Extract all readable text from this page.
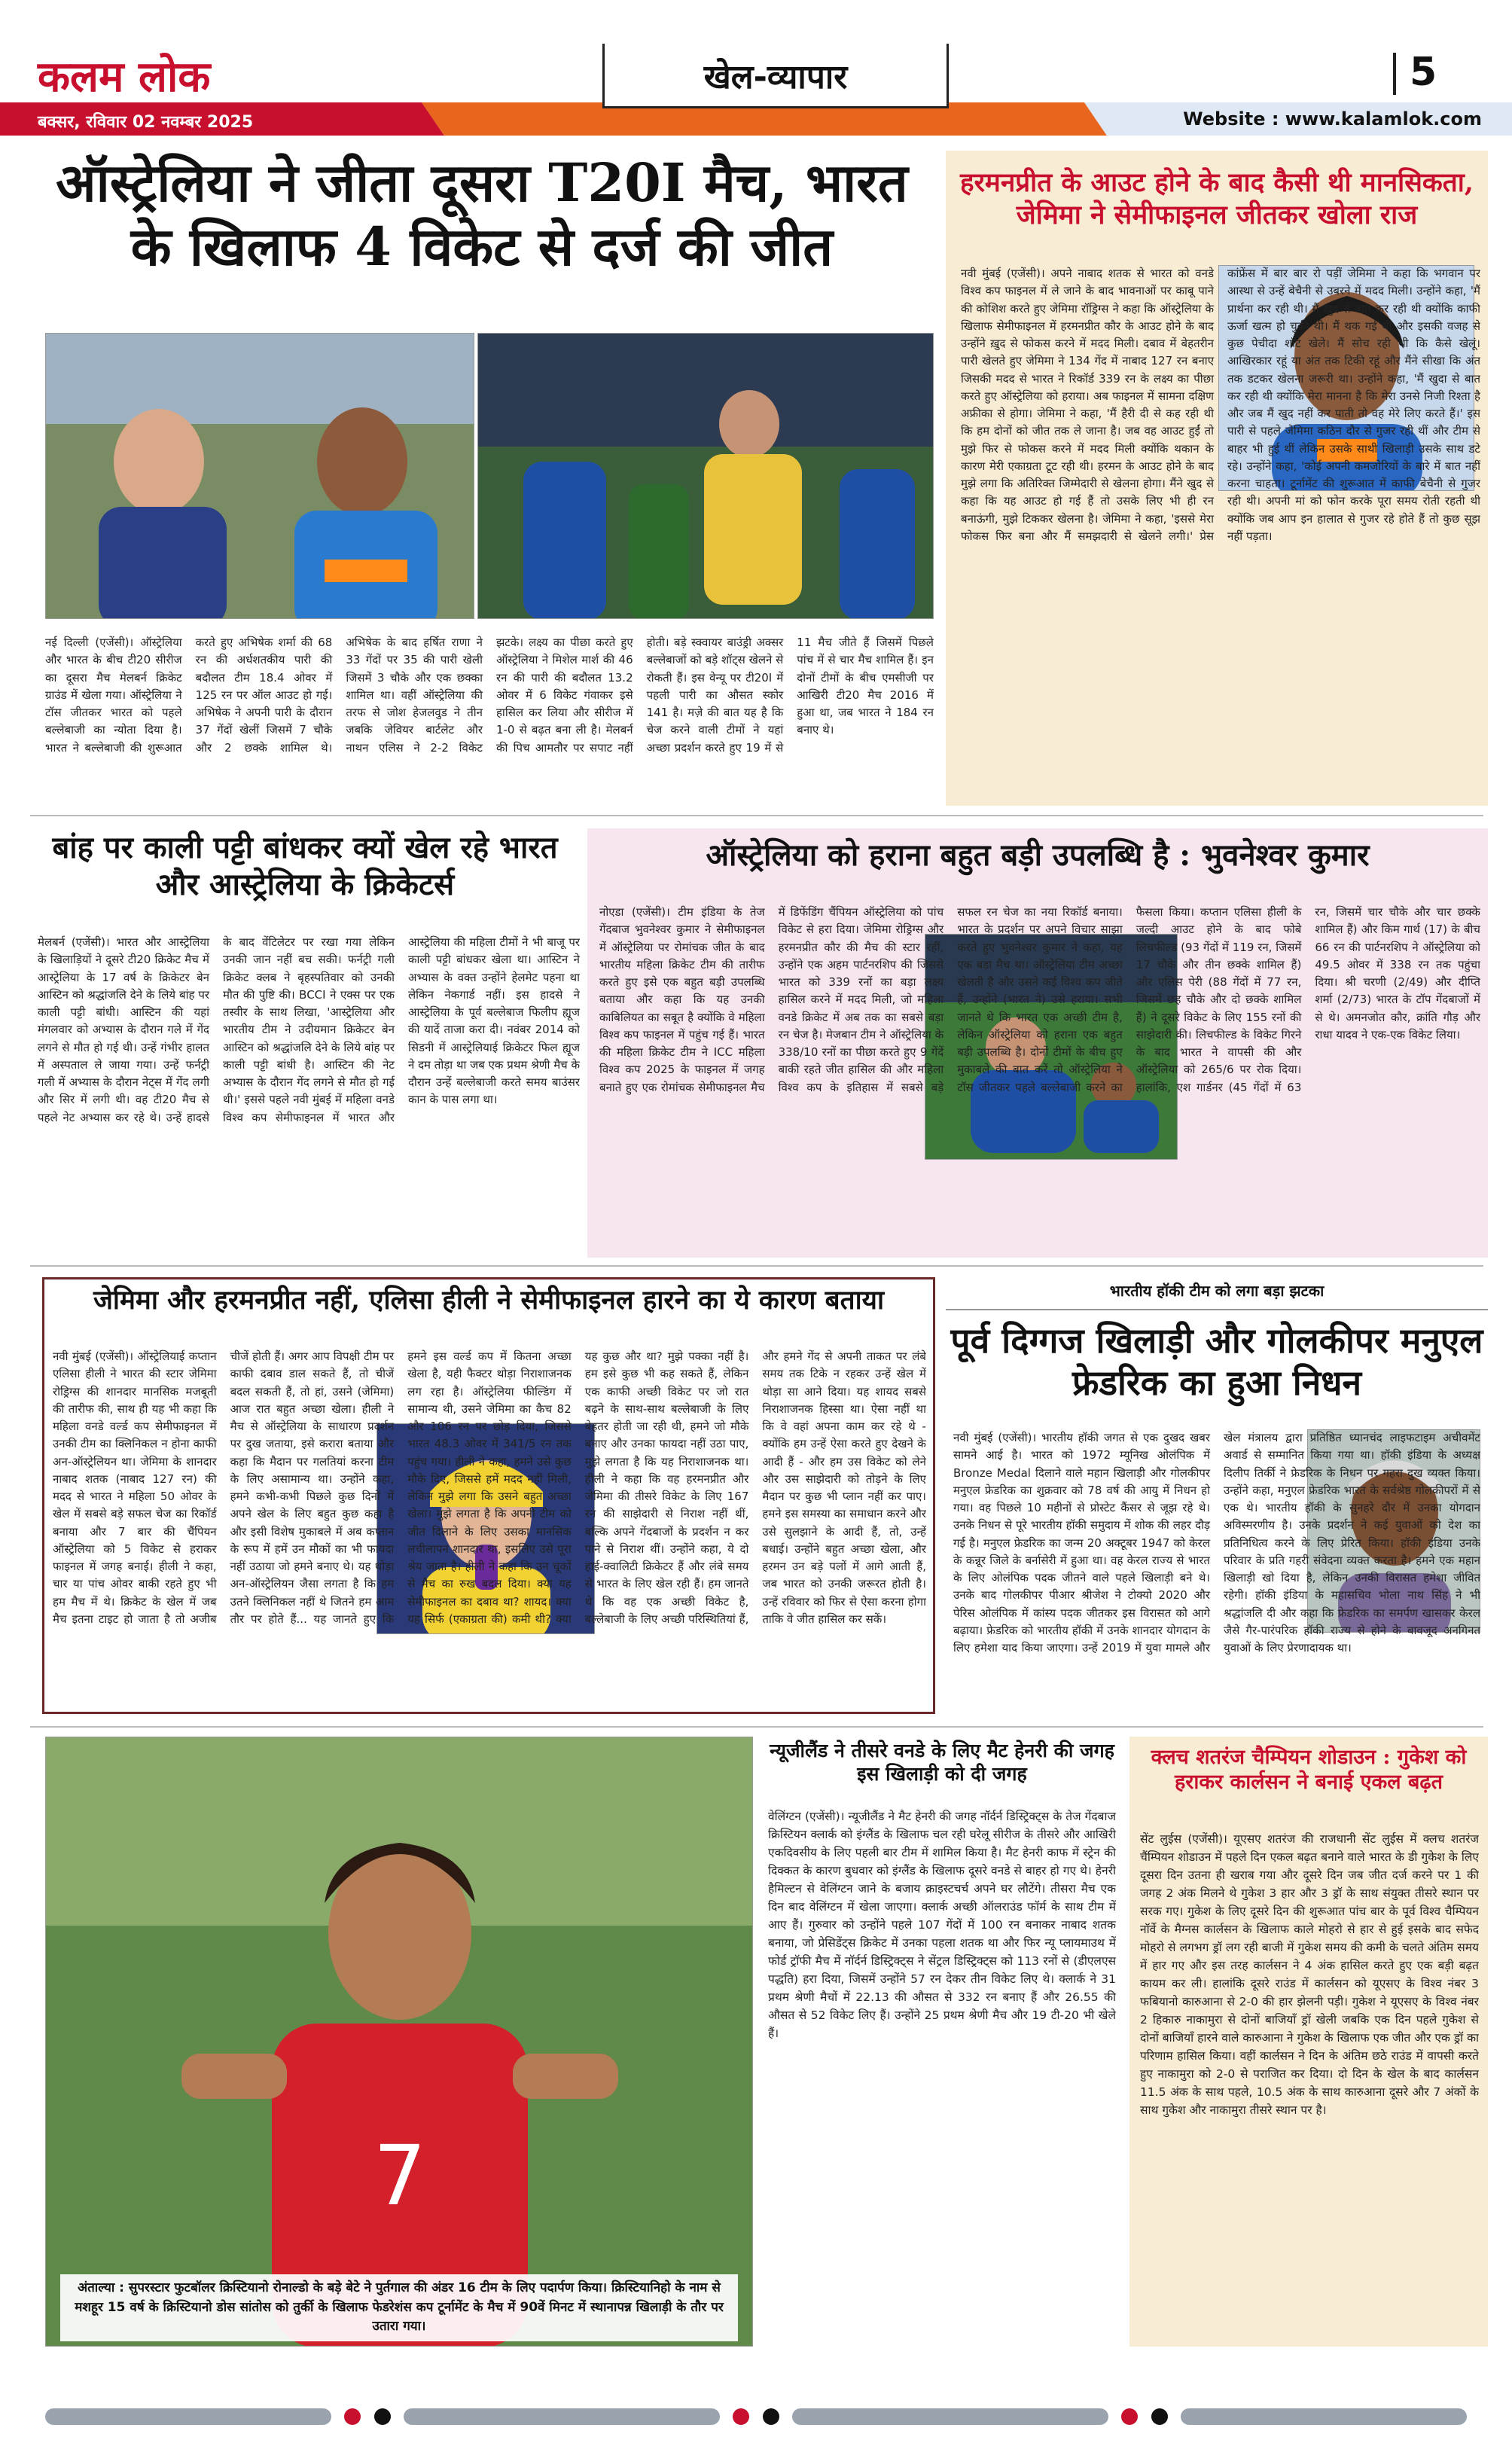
कलम लोक
बक्सर, रविवार 02 नवम्बर 2025
खेल-व्यापार	5
Website : www.kalamlok.com
ऑस्ट्रेलिया ने जीता दूसरा T20I मैच, भारत के खिलाफ 4 विकेट से दर्ज की जीत
नई दिल्ली (एजेंसी)। ऑस्ट्रेलिया और भारत के बीच टी20 सीरीज का दूसरा मैच मेलबर्न क्रिकेट ग्राउंड में खेला गया। ऑस्ट्रेलिया ने टॉस जीतकर भारत को पहले बल्लेबाजी का न्योता दिया है। भारत ने बल्लेबाजी की शुरूआत करते हुए अभिषेक शर्मा की 68 रन की अर्धशतकीय पारी की बदौलत टीम 18.4 ओवर में 125 रन पर ऑल आउट हो गई। अभिषेक ने अपनी पारी के दौरान 37 गेंदों खेलीं जिसमें 7 चौके और 2 छक्के शामिल थे। अभिषेक के बाद हर्षित राणा ने 33 गेंदों पर 35 की पारी खेली जिसमें 3 चौके और एक छक्का शामिल था। वहीं ऑस्ट्रेलिया की तरफ से जोश हेजलवुड ने तीन जबकि जेवियर बार्टलेट और नाथन एलिस ने 2-2 विकेट झटके। लक्ष्य का पीछा करते हुए ऑस्ट्रेलिया ने मिशेल मार्श की 46 रन की पारी की बदौलत 13.2 ओवर में 6 विकेट गंवाकर इसे हासिल कर लिया और सीरीज में 1-0 से बढ़त बना ली है। मेलबर्न की पिच आमतौर पर सपाट नहीं होती। बड़े स्क्वायर बाउंड्री अक्सर बल्लेबाजों को बड़े शॉट्स खेलने से रोकती हैं। इस वेन्यू पर टी20I में पहली पारी का औसत स्कोर 141 है। मज़े की बात यह है कि चेज करने वाली टीमों ने यहां अच्छा प्रदर्शन करते हुए 19 में से 11 मैच जीते हैं जिसमें पिछले पांच में से चार मैच शामिल हैं। इन दोनों टीमों के बीच एमसीजी पर आखिरी टी20 मैच 2016 में हुआ था, जब भारत ने 184 रन बनाए थे।
हरमनप्रीत के आउट होने के बाद कैसी थी मानसिकता, जेमिमा ने सेमीफाइनल जीतकर खोला राज
नवी मुंबई (एजेंसी)। अपने नाबाद शतक से भारत को वनडे विश्व कप फाइनल में ले जाने के बाद भावनाओं पर काबू पाने की कोशिश करते हुए जेमिमा रॉड्रिग्स ने कहा कि ऑस्ट्रेलिया के खिलाफ सेमीफाइनल में हरमनप्रीत कौर के आउट होने के बाद उन्होंने ख़ुद से फोकस करने में मदद मिली। दबाव में बेहतरीन पारी खेलते हुए जेमिमा ने 134 गेंद में नाबाद 127 रन बनाए जिसकी मदद से भारत ने रिकॉर्ड 339 रन के लक्ष्य का पीछा करते हुए ऑस्ट्रेलिया को हराया। अब फाइनल में सामना दक्षिण अफ्रीका से होगा। जेमिमा ने कहा, 'मैं हैरी दी से कह रही थी कि हम दोनों को जीत तक ले जाना है। जब वह आउट हुईं तो मुझे फिर से फोकस करने में मदद मिली क्योंकि थकान के कारण मेरी एकाग्रता टूट रही थी। हरमन के आउट होने के बाद मुझे लगा कि अतिरिक्त जिम्मेदारी से खेलना होगा। मैंने खुद से कहा कि यह आउट हो गई हैं तो उसके लिए भी ही रन बनाऊंगी, मुझे टिककर खेलना है। जेमिमा ने कहा, 'इससे मेरा फोकस फिर बना और मैं समझदारी से खेलने लगी।' प्रेस कांफ्रेंस में बार बार रो पड़ीं जेमिमा ने कहा कि भगवान पर आस्था से उन्हें बेचैनी से उबरने में मदद मिली। उन्होंने कहा, 'मैं प्रार्थना कर रही थी। मैं खुद से बात कर रही थी क्योंकि काफी ऊर्जा खत्म हो चुकी थी। मैं थक गई थी और इसकी वजह से कुछ पेचीदा शॉट खेले। मैं सोच रही थी कि कैसे खेलूं। आखिरकार रहूं या अंत तक टिकी रहूं और मैंने सीखा कि अंत तक डटकर खेलना जरूरी था। उन्होंने कहा, 'मैं खुदा से बात कर रही थी क्योंकि मेरा मानना है कि मेरा उनसे निजी रिश्ता है और जब मैं खुद नहीं कर पाती तो वह मेरे लिए करते हैं।' इस पारी से पहले जेमिमा कठिन दौर से गुजर रही थीं और टीम से बाहर भी हुई थीं लेकिन उसके साथी खिलाड़ी उसके साथ डटे रहे। उन्होंने कहा, 'कोई अपनी कमजोरियों के बारे में बात नहीं करना चाहता। टूर्नामेंट की शुरूआत में काफी बेचैनी से गुजर रही थी। अपनी मां को फोन करके पूरा समय रोती रहती थी क्योंकि जब आप इन हालात से गुजर रहे होते हैं तो कुछ सूझ नहीं पड़ता।
बांह पर काली पट्टी बांधकर क्यों खेल रहे भारत और आस्ट्रेलिया के क्रिकेटर्स
मेलबर्न (एजेंसी)। भारत और आस्ट्रेलिया के खिलाड़ियों ने दूसरे टी20 क्रिकेट मैच में आस्ट्रेलिया के 17 वर्ष के क्रिकेटर बेन आस्टिन को श्रद्धांजलि देने के लिये बांह पर काली पट्टी बांधी। आस्टिन की यहां मंगलवार को अभ्यास के दौरान गले में गेंद लगने से मौत हो गई थी। उन्हें गंभीर हालत में अस्पताल ले जाया गया। उन्हें फर्नट्री गली में अभ्यास के दौरान नेट्स में गेंद लगी और सिर में लगी थी। वह टी20 मैच से पहले नेट अभ्यास कर रहे थे। उन्हें हादसे के बाद वेंटिलेटर पर रखा गया लेकिन उनकी जान नहीं बच सकी। फर्नट्री गली क्रिकेट क्लब ने बृहस्पतिवार को उनकी मौत की पुष्टि की। BCCI ने एक्स पर एक तस्वीर के साथ लिखा, 'आस्ट्रेलिया और भारतीय टीम ने उदीयमान क्रिकेटर बेन आस्टिन को श्रद्धांजलि देने के लिये बांह पर काली पट्टी बांधी है। आस्टिन की नेट अभ्यास के दौरान गेंद लगने से मौत हो गई थी।' इससे पहले नवी मुंबई में महिला वनडे विश्व कप सेमीफाइनल में भारत और आस्ट्रेलिया की महिला टीमों ने भी बाजू पर काली पट्टी बांधकर खेला था। आस्टिन ने अभ्यास के वक्त उन्होंने हेलमेट पहना था लेकिन नेकगार्ड नहीं। इस हादसे ने आस्ट्रेलिया के पूर्व बल्लेबाज फिलीप ह्यूज की यादें ताजा करा दी। नवंबर 2014 को सिडनी में आस्ट्रेलियाई क्रिकेटर फिल ह्यूज ने दम तोड़ा था जब एक प्रथम श्रेणी मैच के दौरान उन्हें बल्लेबाजी करते समय बाउंसर कान के पास लगा था।
ऑस्ट्रेलिया को हराना बहुत बड़ी उपलब्धि है : भुवनेश्वर कुमार
नोएडा (एजेंसी)। टीम इंडिया के तेज गेंदबाज भुवनेश्वर कुमार ने सेमीफाइनल में ऑस्ट्रेलिया पर रोमांचक जीत के बाद भारतीय महिला क्रिकेट टीम की तारीफ करते हुए इसे एक बहुत बड़ी उपलब्धि बताया और कहा कि यह उनकी काबिलियत का सबूत है क्योंकि वे महिला विश्व कप फाइनल में पहुंच गई हैं। भारत की महिला क्रिकेट टीम ने ICC महिला विश्व कप 2025 के फाइनल में जगह बनाते हुए एक रोमांचक सेमीफाइनल मैच में डिफेंडिंग चैंपियन ऑस्ट्रेलिया को पांच विकेट से हरा दिया। जेमिमा रोड्रिग्स और हरमनप्रीत कौर की मैच की स्टार रहीं, उन्होंने एक अहम पार्टनरशिप की जिससे भारत को 339 रनों का बड़ा लक्ष्य हासिल करने में मदद मिली, जो महिला वनडे क्रिकेट में अब तक का सबसे बड़ा रन चेज है। मेजबान टीम ने ऑस्ट्रेलिया के 338/10 रनों का पीछा करते हुए 9 गेंदें बाकी रहते जीत हासिल की और महिला विश्व कप के इतिहास में सबसे बड़े सफल रन चेज का नया रिकॉर्ड बनाया। भारत के प्रदर्शन पर अपने विचार साझा करते हुए भुवनेश्वर कुमार ने कहा, यह एक बड़ा मैच था। ऑस्ट्रेलिया टीम अच्छा खेलती है और उसने कई विश्व कप जीते हैं, उन्होंने (भारत ने) उसे हराया। सभी जानते थे कि भारत एक अच्छी टीम है, लेकिन ऑस्ट्रेलिया को हराना एक बहुत बड़ी उपलब्धि है। दोनों टीमों के बीच हुए मुकाबले की बात करें तो ऑस्ट्रेलिया ने टॉस जीतकर पहले बल्लेबाजी करने का फैसला किया। कप्तान एलिसा हीली के जल्दी आउट होने के बाद फोबे लिचफील्ड (93 गेंदों में 119 रन, जिसमें 17 चौके और तीन छक्के शामिल हैं) और एलिस पेरी (88 गेंदों में 77 रन, जिसमें छह चौके और दो छक्के शामिल हैं) ने दूसरे विकेट के लिए 155 रनों की साझेदारी की। लिचफील्ड के विकेट गिरने के बाद भारत ने वापसी की और ऑस्ट्रेलिया को 265/6 पर रोक दिया। हालांकि, एश गार्डनर (45 गेंदों में 63 रन, जिसमें चार चौके और चार छक्के शामिल हैं) और किम गार्थ (17) के बीच 66 रन की पार्टनरशिप ने ऑस्ट्रेलिया को 49.5 ओवर में 338 रन तक पहुंचा दिया। श्री चरणी (2/49) और दीप्ति शर्मा (2/73) भारत के टॉप गेंदबाजों में से थे। अमनजोत कौर, क्रांति गौड़ और राधा यादव ने एक-एक विकेट लिया।
जेमिमा और हरमनप्रीत नहीं, एलिसा हीली ने सेमीफाइनल हारने का ये कारण बताया
नवी मुंबई (एजेंसी)। ऑस्ट्रेलियाई कप्तान एलिसा हीली ने भारत की स्टार जेमिमा रोड्रिग्स की शानदार मानसिक मजबूती की तारीफ की, साथ ही यह भी कहा कि महिला वनडे वर्ल्ड कप सेमीफाइनल में उनकी टीम का क्लिनिकल न होना काफी अन-ऑस्ट्रेलियन था। जेमिमा के शानदार नाबाद शतक (नाबाद 127 रन) की मदद से भारत ने महिला 50 ओवर के खेल में सबसे बड़े सफल चेज का रिकॉर्ड बनाया और 7 बार की चैंपियन ऑस्ट्रेलिया को 5 विकेट से हराकर फाइनल में जगह बनाई। हीली ने कहा, चार या पांच ओवर बाकी रहते हुए भी हम मैच में थे। क्रिकेट के खेल में जब मैच इतना टाइट हो जाता है तो अजीब चीजें होती हैं। अगर आप विपक्षी टीम पर काफी दबाव डाल सकते हैं, तो चीजें बदल सकती हैं, तो हां, उसने (जेमिमा) आज रात बहुत अच्छा खेला। हीली ने मैच से ऑस्ट्रेलिया के साधारण प्रदर्शन पर दुख जताया, इसे करारा बताया और कहा कि मैदान पर गलतियां करना टीम के लिए असामान्य था। उन्होंने कहा, हमने कभी-कभी पिछले कुछ दिनों में अपने खेल के लिए बहुत कुछ कहा है और इसी विशेष मुकाबले में अब कप्तान के रूप में हमें उन मौकों का भी फायदा नहीं उठाया जो हमने बनाए थे। यह थोड़ा अन-ऑस्ट्रेलियन जैसा लगता है कि हम उतने क्लिनिकल नहीं थे जितने हम आम तौर पर होते हैं... यह जानते हुए कि हमने इस वर्ल्ड कप में कितना अच्छा खेला है, यही फैक्टर थोड़ा निराशाजनक लग रहा है। ऑस्ट्रेलिया फील्डिंग में सामान्य थी, उसने जेमिमा का कैच 82 और 106 रन पर छोड़ दिया, जिससे भारत 48.3 ओवर में 341/5 रन तक पहुंच गया। हीली ने कहा, हमने उसे कुछ मौके दिए, जिससे हमें मदद नहीं मिली, लेकिन मुझे लगा कि उसने बहुत अच्छा खेला। मुझे लगता है कि अपनी टीम को जीत दिलाने के लिए उसका मानसिक लचीलापन शानदार था, इसलिए उसे पूरा श्रेय जाता है। हीली ने कहा कि उन चूकों से मैच का रुख बदल दिया। क्या यह सेमीफाइनल का दबाव था? शायद। क्या यह सिर्फ (एकाग्रता की) कमी थी? क्या यह कुछ और था? मुझे पक्का नहीं है। हम इसे कुछ भी कह सकते हैं, लेकिन एक काफी अच्छी विकेट पर जो रात बढ़ने के साथ-साथ बल्लेबाजी के लिए बेहतर होती जा रही थी, हमने जो मौके बनाए और उनका फायदा नहीं उठा पाए, मुझे लगता है कि यह निराशाजनक था। हीली ने कहा कि वह हरमनप्रीत और जेमिमा की तीसरे विकेट के लिए 167 रन की साझेदारी से निराश नहीं थीं, बल्कि अपने गेंदबाजों के प्रदर्शन न कर पाने से निराश थीं। उन्होंने कहा, ये दो हाई-क्वालिटी क्रिकेटर हैं और लंबे समय से भारत के लिए खेल रही हैं। हम जानते थे कि वह एक अच्छी विकेट है, बल्लेबाजी के लिए अच्छी परिस्थितियां हैं, और हमने गेंद से अपनी ताकत पर लंबे समय तक टिके न रहकर उन्हें खेल में थोड़ा सा आने दिया। यह शायद सबसे निराशाजनक हिस्सा था। ऐसा नहीं था कि वे वहां अपना काम कर रहे थे - क्योंकि हम उन्हें ऐसा करते हुए देखने के आदी हैं - और हम उस विकेट को लेने और उस साझेदारी को तोड़ने के लिए मैदान पर कुछ भी प्लान नहीं कर पाए। हमने इस समस्या का समाधान करने और उसे सुलझाने के आदी हैं, तो, उन्हें बधाई। उन्होंने बहुत अच्छा खेला, और हरमन उन बड़े पलों में आगे आती हैं, जब भारत को उनकी जरूरत होती है। उन्हें रविवार को फिर से ऐसा करना होगा ताकि वे जीत हासिल कर सकें।
भारतीय हॉकी टीम को लगा बड़ा झटका
पूर्व दिग्गज खिलाड़ी और गोलकीपर मनुएल फ्रेडरिक का हुआ निधन
नवी मुंबई (एजेंसी)। भारतीय हॉकी जगत से एक दुखद खबर सामने आई है। भारत को 1972 म्यूनिख ओलंपिक में Bronze Medal दिलाने वाले महान खिलाड़ी और गोलकीपर मनुएल फ्रेडरिक का शुक्रवार को 78 वर्ष की आयु में निधन हो गया। वह पिछले 10 महीनों से प्रोस्टेट कैंसर से जूझ रहे थे। उनके निधन से पूरे भारतीय हॉकी समुदाय में शोक की लहर दौड़ गई है। मनुएल फ्रेडरिक का जन्म 20 अक्टूबर 1947 को केरल के कन्नूर जिले के बर्नासेरी में हुआ था। वह केरल राज्य से भारत के लिए ओलंपिक पदक जीतने वाले पहले खिलाड़ी बने थे। उनके बाद गोलकीपर पीआर श्रीजेश ने टोक्यो 2020 और पेरिस ओलंपिक में कांस्य पदक जीतकर इस विरासत को आगे बढ़ाया। फ्रेडरिक को भारतीय हॉकी में उनके शानदार योगदान के लिए हमेशा याद किया जाएगा। उन्हें 2019 में युवा मामले और खेल मंत्रालय द्वारा प्रतिष्ठित ध्यानचंद लाइफटाइम अचीवमेंट अवार्ड से सम्मानित किया गया था। हॉकी इंडिया के अध्यक्ष दिलीप तिर्की ने फ्रेडरिक के निधन पर गहरा दुख व्यक्त किया। उन्होंने कहा, मनुएल फ्रेडरिक भारत के सर्वश्रेष्ठ गोलकीपरों में से एक थे। भारतीय हॉकी के सुनहरे दौर में उनका योगदान अविस्मरणीय है। उनके प्रदर्शन ने कई युवाओं को देश का प्रतिनिधित्व करने के लिए प्रेरित किया। हॉकी इंडिया उनके परिवार के प्रति गहरी संवेदना व्यक्त करता है। हमने एक महान खिलाड़ी खो दिया है, लेकिन उनकी विरासत हमेशा जीवित रहेगी। हॉकी इंडिया के महासचिव भोला नाथ सिंह ने भी श्रद्धांजलि दी और कहा कि फ्रेडरिक का समर्पण खासकर केरल जैसे गैर-पारंपरिक हॉकी राज्य से होने के बावजूद अनगिनत युवाओं के लिए प्रेरणादायक था।
7
अंताल्या : सुपरस्टार फुटबॉलर क्रिस्टियानो रोनाल्डो के बड़े बेटे ने पुर्तगाल की अंडर 16 टीम के लिए पदार्पण किया। क्रिस्टियानिहो के नाम से मशहूर 15 वर्ष के क्रिस्टियानो डोस सांतोस को तुर्की के खिलाफ फेडरेशंस कप टूर्नामेंट के मैच में 90वें मिनट में स्थानापन्न खिलाड़ी के तौर पर उतारा गया।
न्यूजीलैंड ने तीसरे वनडे के लिए मैट हेनरी की जगह इस खिलाड़ी को दी जगह
वेलिंग्टन (एजेंसी)। न्यूजीलैंड ने मैट हेनरी की जगह नॉर्दर्न डिस्ट्रिक्ट्स के तेज गेंदबाज क्रिस्टियन क्लार्क को इंग्लैंड के खिलाफ चल रही घरेलू सीरीज के तीसरे और आखिरी एकदिवसीय के लिए पहली बार टीम में शामिल किया है। मैट हेनरी काफ में स्ट्रेन की दिक्कत के कारण बुधवार को इंग्लैंड के खिलाफ दूसरे वनडे से बाहर हो गए थे। हेनरी हैमिल्टन से वेलिंग्टन जाने के बजाय क्राइस्टचर्च अपने घर लौटेंगे। तीसरा मैच एक दिन बाद वेलिंग्टन में खेला जाएगा। क्लार्क अच्छी ऑलराउंड फॉर्म के साथ टीम में आए हैं। गुरुवार को उन्होंने पहले 107 गेंदों में 100 रन बनाकर नाबाद शतक बनाया, जो प्रेसिडेंट्स क्रिकेट में उनका पहला शतक था और फिर न्यू प्लायमाउथ में फोर्ड ट्रॉफी मैच में नॉर्दर्न डिस्ट्रिक्ट्स ने सेंट्रल डिस्ट्रिक्ट्स को 113 रनों से (डीएलएस पद्धति) हरा दिया, जिसमें उन्होंने 57 रन देकर तीन विकेट लिए थे। क्लार्क ने 31 प्रथम श्रेणी मैचों में 22.13 की औसत से 332 रन बनाए हैं और 26.55 की औसत से 52 विकेट लिए हैं। उन्होंने 25 प्रथम श्रेणी मैच और 19 टी-20 भी खेले हैं।
क्लच शतरंज चैम्पियन शोडाउन : गुकेश को हराकर कार्लसन ने बनाई एकल बढ़त
सेंट लुईस (एजेंसी)। यूएसए शतरंज की राजधानी सेंट लुईस में क्लच शतरंज चैंम्पियन शोडाउन में पहले दिन एकल बढ़त बनाने वाले भारत के डी गुकेश के लिए दूसरा दिन उतना ही खराब गया और दूसरे दिन जब जीत दर्ज करने पर 1 की जगह 2 अंक मिलने थे गुकेश 3 हार और 3 ड्रॉ के साथ संयुक्त तीसरे स्थान पर सरक गए। गुकेश के लिए दूसरे दिन की शुरूआत पांच बार के पूर्व विश्व चैम्पियन नॉर्वे के मैग्नस कार्लसन के खिलाफ काले मोहरो से हार से हुई इसके बाद सफेद मोहरो से लगभग ड्रॉ लग रही बाजी में गुकेश समय की कमी के चलते अंतिम समय में हार गए और इस तरह कार्लसन ने 4 अंक हासिल करते हुए एक बड़ी बढ़त कायम कर ली। हालांकि दूसरे राउंड में कार्लसन को यूएसए के विश्व नंबर 3 फबियानो कारुआना से 2-0 की हार झेलनी पड़ी। गुकेश ने यूएसए के विश्व नंबर 2 हिकारु नाकामुरा से दोनों बाजियाँ ड्रॉ खेली जबकि एक दिन पहले गुकेश से दोनों बाजियाँ हारने वाले कारुआना ने गुकेश के खिलाफ एक जीत और एक ड्रॉ का परिणाम हासिल किया। वहीं कार्लसन ने दिन के अंतिम छठे राउंड में वापसी करते हुए नाकामुरा को 2-0 से पराजित कर दिया। दो दिन के खेल के बाद कार्लसन 11.5 अंक के साथ पहले, 10.5 अंक के साथ कारुआना दूसरे और 7 अंकों के साथ गुकेश और नाकामुरा तीसरे स्थान पर है।
